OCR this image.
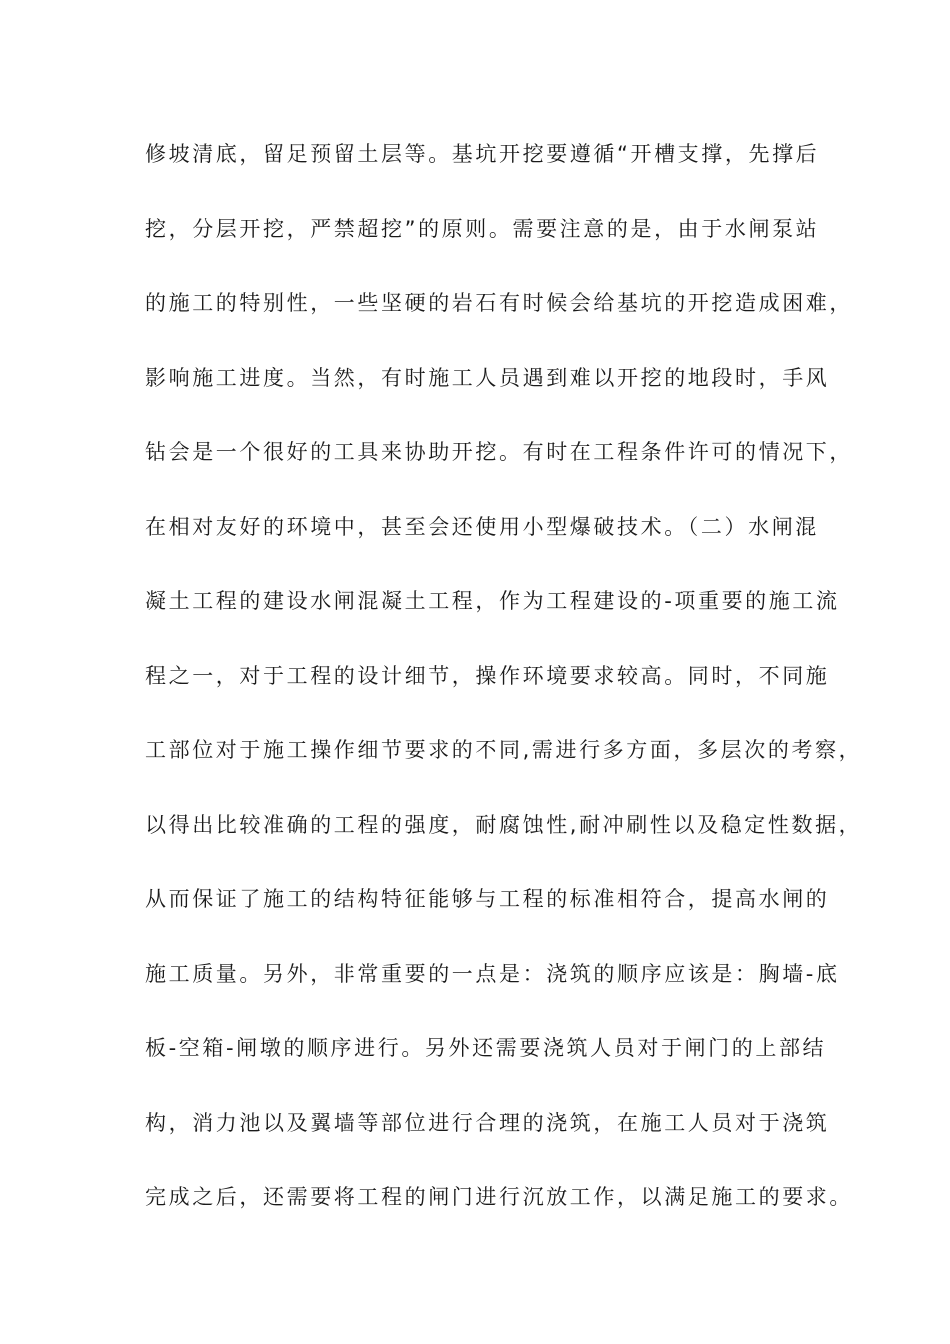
修坡清底，留足预留土层等。基坑开挖要遵循“开槽支撑，先撑后
挖，分层开挖，严禁超挖”的原则。需要注意的是，由于水闸泵站
的施工的特别性，一些坚硬的岩石有时候会给基坑的开挖造成困难，
影响施工进度。当然，有时施工人员遇到难以开挖的地段时，手风
钻会是一个很好的工具来协助开挖。有时在工程条件许可的情况下，
在相对友好的环境中，甚至会还使用小型爆破技术。（二）水闸混
凝土工程的建设水闸混凝土工程，作为工程建设的-项重要的施工流
程之一，对于工程的设计细节，操作环境要求较高。同时，不同施
工部位对于施工操作细节要求的不同,需进行多方面，多层次的考察，
以得出比较准确的工程的强度，耐腐蚀性,耐冲刷性以及稳定性数据，
从而保证了施工的结构特征能够与工程的标准相符合，提高水闸的
施工质量。另外，非常重要的一点是：浇筑的顺序应该是：胸墙-底
板-空箱-闸墩的顺序进行。另外还需要浇筑人员对于闸门的上部结
构，消力池以及翼墙等部位进行合理的浇筑，在施工人员对于浇筑
完成之后，还需要将工程的闸门进行沉放工作，以满足施工的要求。
